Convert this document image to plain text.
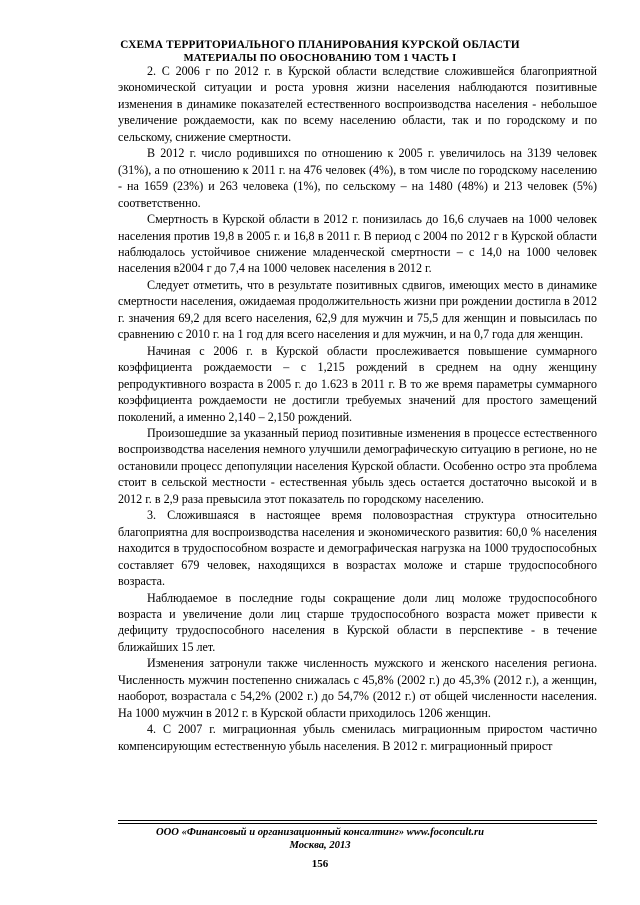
СХЕМА ТЕРРИТОРИАЛЬНОГО ПЛАНИРОВАНИЯ КУРСКОЙ ОБЛАСТИ
МАТЕРИАЛЫ ПО ОБОСНОВАНИЮ ТОМ 1 ЧАСТЬ I

2. С 2006 г по 2012 г. в Курской области вследствие сложившейся благоприятной экономической ситуации и роста уровня жизни населения наблюдаются позитивные изменения в динамике показателей естественного воспроизводства населения - небольшое увеличение рождаемости, как по всему населению области, так и по городскому и по сельскому, снижение смертности.

В 2012 г. число родившихся по отношению к 2005 г. увеличилось на 3139 человек (31%), а по отношению к 2011 г. на 476 человек (4%), в том числе по городскому населению - на 1659 (23%) и 263 человека (1%), по сельскому – на 1480 (48%) и 213 человек (5%) соответственно.

Смертность в Курской области в 2012 г. понизилась до 16,6 случаев на 1000 человек населения против 19,8 в 2005 г. и 16,8 в 2011 г. В период с 2004 по 2012 г в Курской области наблюдалось устойчивое снижение младенческой смертности – с 14,0 на 1000 человек населения в2004 г до 7,4 на 1000 человек населения в 2012 г.

Следует отметить, что в результате позитивных сдвигов, имеющих место в динамике смертности населения, ожидаемая продолжительность жизни при рождении достигла в 2012 г. значения 69,2 для всего населения, 62,9 для мужчин и 75,5 для женщин и повысилась по сравнению с 2010 г. на 1 год для всего населения и для мужчин, и на 0,7 года для женщин.

Начиная с 2006 г. в Курской области прослеживается повышение суммарного коэффициента рождаемости – с 1,215 рождений в среднем на одну женщину репродуктивного возраста в 2005 г. до 1.623 в 2011 г. В то же время параметры суммарного коэффициента рождаемости не достигли требуемых значений для простого замещений поколений, а именно 2,140 – 2,150 рождений.

Произошедшие за указанный период позитивные изменения в процессе естественного воспроизводства населения немного улучшили демографическую ситуацию в регионе, но не остановили процесс депопуляции населения Курской области. Особенно остро эта проблема стоит в сельской местности - естественная убыль здесь остается достаточно высокой и в 2012 г. в 2,9 раза превысила этот показатель по городскому населению.

3. Сложившаяся в настоящее время половозрастная структура относительно благоприятна для воспроизводства населения и экономического развития: 60,0 % населения находится в трудоспособном возрасте и демографическая нагрузка на 1000 трудоспособных составляет 679 человек, находящихся в возрастах моложе и старше трудоспособного возраста.

Наблюдаемое в последние годы сокращение доли лиц моложе трудоспособного возраста и увеличение доли лиц старше трудоспособного возраста может привести к дефициту трудоспособного населения в Курской области в перспективе - в течение ближайших 15 лет.

Изменения затронули также численность мужского и женского населения региона. Численность мужчин постепенно снижалась с 45,8% (2002 г.) до 45,3% (2012 г.), а женщин, наоборот, возрастала с 54,2% (2002 г.) до 54,7% (2012 г.) от общей численности населения. На 1000 мужчин в 2012 г. в Курской области приходилось 1206 женщин.

4. С 2007 г. миграционная убыль сменилась миграционным приростом частично компенсирующим естественную убыль населения. В 2012 г. миграционный прирост

ООО «Финансовый и организационный консалтинг» www.foconcult.ru
Москва, 2013
156
